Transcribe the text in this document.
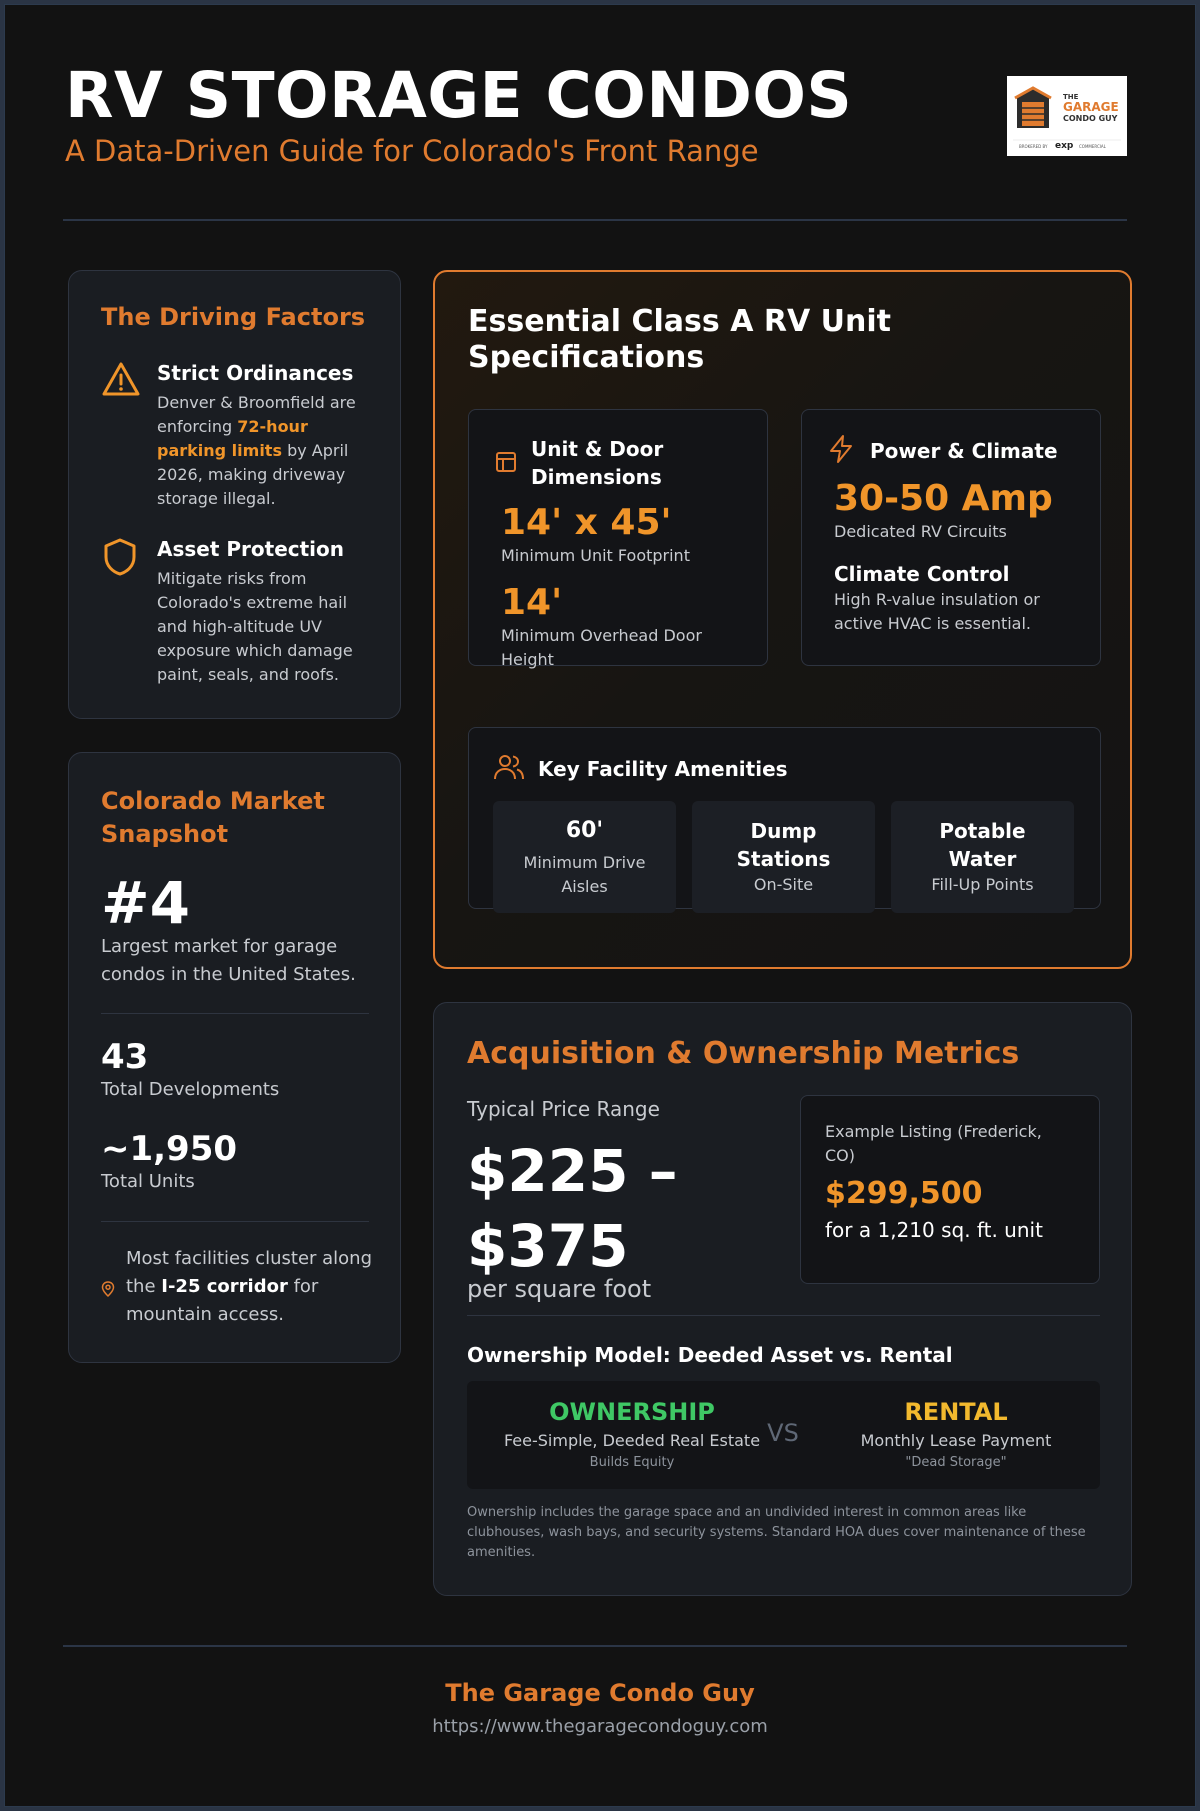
RV STORAGE CONDOS
A Data-Driven Guide for Colorado's Front Range
THE
GARAGE
CONDO GUY
BROKERED BY exp COMMERCIAL
The Driving Factors
Strict Ordinances
Denver & Broomfield are enforcing 72-hour parking limits by April 2026, making driveway storage illegal.
Asset Protection
Mitigate risks from Colorado's extreme hail and high-altitude UV exposure which damage paint, seals, and roofs.
Colorado Market Snapshot
#4
Largest market for garage condos in the United States.
43
Total Developments
~1,950
Total Units
Most facilities cluster along the I-25 corridor for mountain access.
Essential Class A RV Unit Specifications
Unit & Door Dimensions
14' x 45'
Minimum Unit Footprint
14'
Minimum Overhead Door Height
Power & Climate
30-50 Amp
Dedicated RV Circuits
Climate Control
High R-value insulation or active HVAC is essential.
Key Facility Amenities
60'
Minimum Drive Aisles
Dump Stations
On-Site
Potable Water
Fill-Up Points
Acquisition & Ownership Metrics
Typical Price Range
$225 –
$375
per square foot
Example Listing (Frederick, CO)
$299,500
for a 1,210 sq. ft. unit
Ownership Model: Deeded Asset vs. Rental
OWNERSHIP
Fee-Simple, Deeded Real Estate
Builds Equity
VS
RENTAL
Monthly Lease Payment
"Dead Storage"
Ownership includes the garage space and an undivided interest in common areas like clubhouses, wash bays, and security systems. Standard HOA dues cover maintenance of these amenities.
The Garage Condo Guy
https://www.thegaragecondoguy.com
